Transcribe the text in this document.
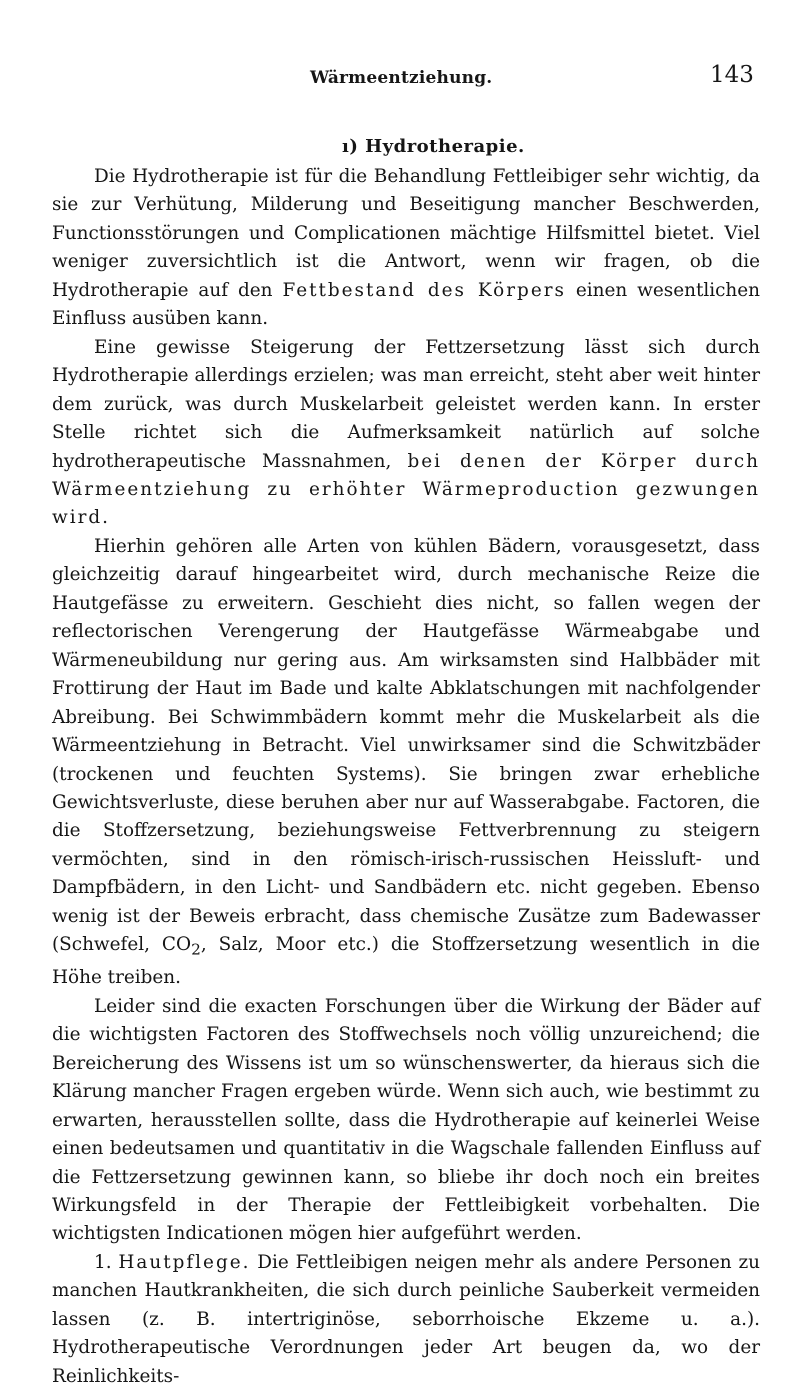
Wärmeentziehung.	143
ı) Hydrotherapie.

Die Hydrotherapie ist für die Behandlung Fettleibiger sehr wichtig, da sie zur Verhütung, Milderung und Beseitigung mancher Beschwerden, Functionsstörungen und Complicationen mächtige Hilfsmittel bietet. Viel weniger zuversichtlich ist die Antwort, wenn wir fragen, ob die Hydrotherapie auf den Fettbestand des Körpers einen wesentlichen Einfluss ausüben kann.

Eine gewisse Steigerung der Fettzersetzung lässt sich durch Hydrotherapie allerdings erzielen; was man erreicht, steht aber weit hinter dem zurück, was durch Muskelarbeit geleistet werden kann. In erster Stelle richtet sich die Aufmerksamkeit natürlich auf solche hydrotherapeutische Massnahmen, bei denen der Körper durch Wärmeentziehung zu erhöhter Wärmeproduction gezwungen wird.

Hierhin gehören alle Arten von kühlen Bädern, vorausgesetzt, dass gleichzeitig darauf hingearbeitet wird, durch mechanische Reize die Hautgefässe zu erweitern. Geschieht dies nicht, so fallen wegen der reflectorischen Verengerung der Hautgefässe Wärmeabgabe und Wärmeneubildung nur gering aus. Am wirksamsten sind Halbbäder mit Frottirung der Haut im Bade und kalte Abklatschungen mit nachfolgender Abreibung. Bei Schwimmbädern kommt mehr die Muskelarbeit als die Wärmeentziehung in Betracht. Viel unwirksamer sind die Schwitzbäder (trockenen und feuchten Systems). Sie bringen zwar erhebliche Gewichtsverluste, diese beruhen aber nur auf Wasserabgabe. Factoren, die die Stoffzersetzung, beziehungsweise Fettverbrennung zu steigern vermöchten, sind in den römisch-irisch-russischen Heissluft- und Dampfbädern, in den Licht- und Sandbädern etc. nicht gegeben. Ebenso wenig ist der Beweis erbracht, dass chemische Zusätze zum Badewasser (Schwefel, $CO_2$, Salz, Moor etc.) die Stoffzersetzung wesentlich in die Höhe treiben.

Leider sind die exacten Forschungen über die Wirkung der Bäder auf die wichtigsten Factoren des Stoffwechsels noch völlig unzureichend; die Bereicherung des Wissens ist um so wünschenswerter, da hieraus sich die Klärung mancher Fragen ergeben würde. Wenn sich auch, wie bestimmt zu erwarten, herausstellen sollte, dass die Hydrotherapie auf keinerlei Weise einen bedeutsamen und quantitativ in die Wagschale fallenden Einfluss auf die Fettzersetzung gewinnen kann, so bliebe ihr doch noch ein breites Wirkungsfeld in der Therapie der Fettleibigkeit vorbehalten. Die wichtigsten Indicationen mögen hier aufgeführt werden.

1. Hautpflege. Die Fettleibigen neigen mehr als andere Personen zu manchen Hautkrankheiten, die sich durch peinliche Sauberkeit vermeiden lassen (z. B. intertriginöse, seborrhoische Ekzeme u. a.). Hydrotherapeutische Verordnungen jeder Art beugen da, wo der Reinlichkeits-
